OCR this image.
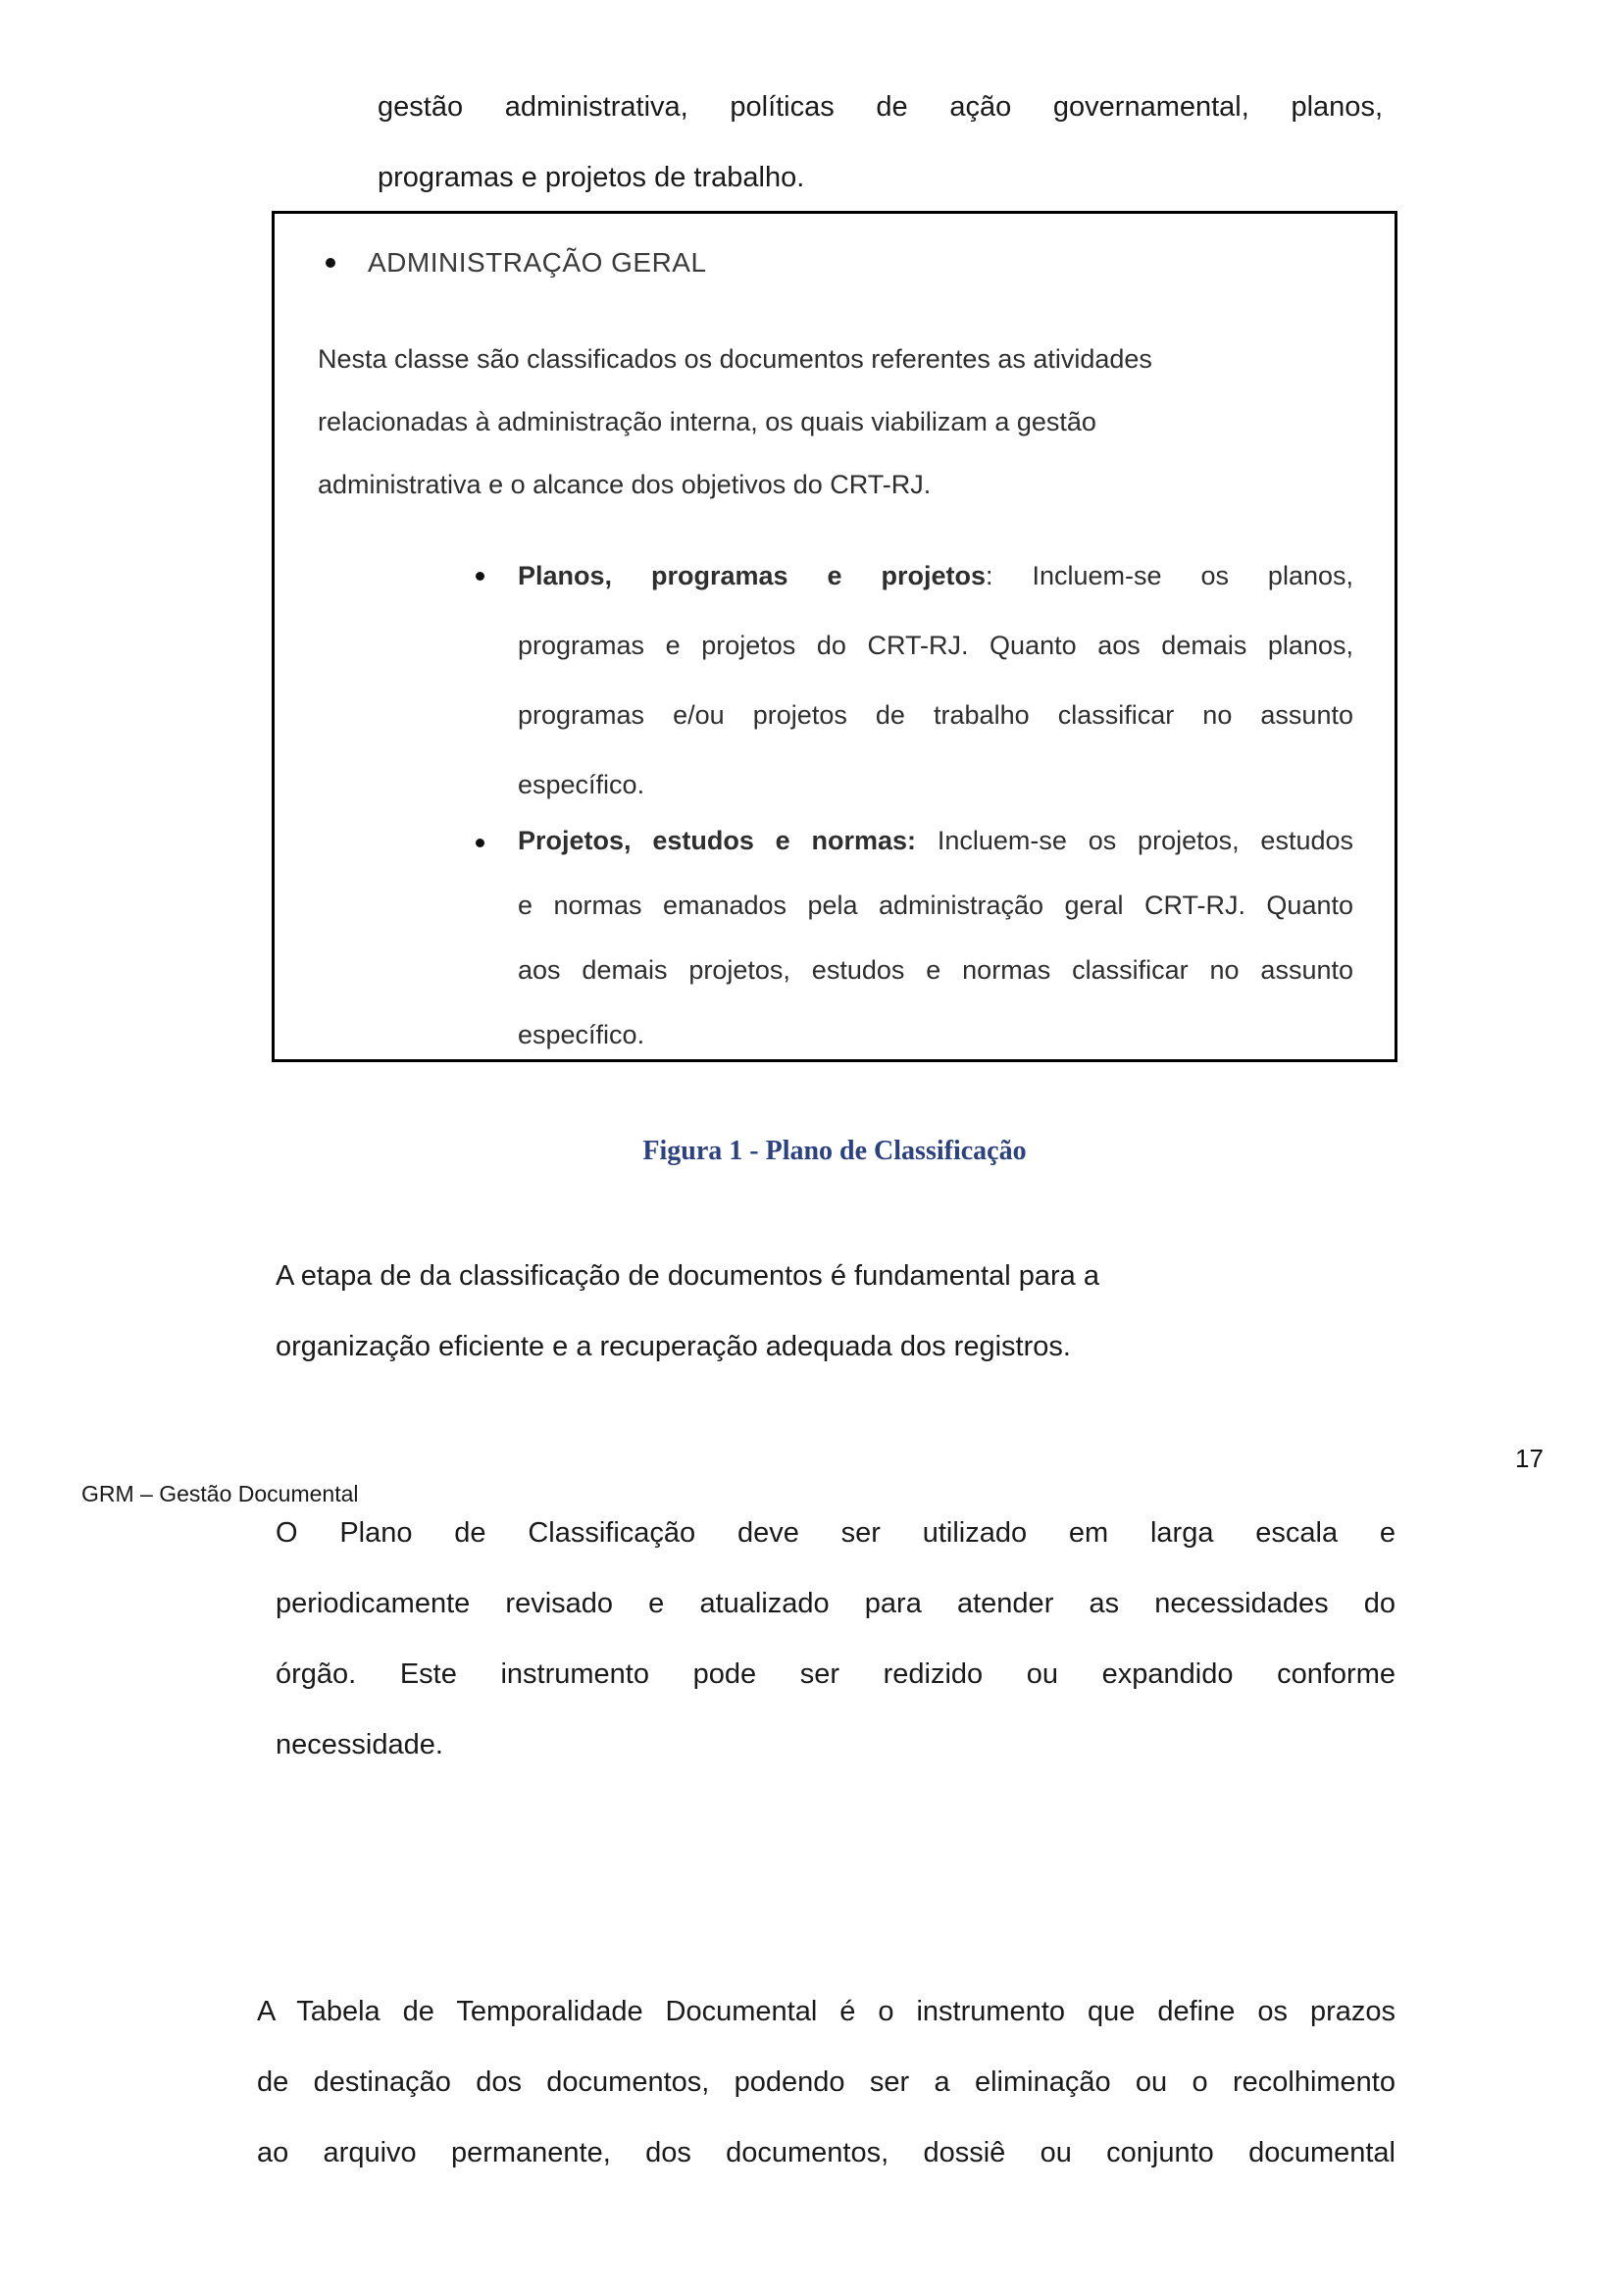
gestão administrativa, políticas de ação governamental, planos,
programas e projetos de trabalho.
ADMINISTRAÇÃO GERAL
Nesta classe são classificados os documentos referentes as atividades
relacionadas à administração interna, os quais viabilizam a gestão
administrativa e o alcance dos objetivos do CRT-RJ.
Planos, programas e projetos: Incluem-se os planos,
programas e projetos do CRT-RJ. Quanto aos demais planos,
programas e/ou projetos de trabalho classificar no assunto
específico.
Projetos, estudos e normas: Incluem-se os projetos, estudos
e normas emanados pela administração geral CRT-RJ. Quanto
aos demais projetos, estudos e normas classificar no assunto
específico.
Figura 1 - Plano de Classificação
A etapa de da classificação de documentos é fundamental para a
organização eficiente e a recuperação adequada dos registros.
17
GRM – Gestão Documental
O Plano de Classificação deve ser utilizado em larga escala e
periodicamente revisado e atualizado para atender as necessidades do
órgão. Este instrumento pode ser redizido ou expandido conforme
necessidade.
A Tabela de Temporalidade Documental é o instrumento que define os prazos
de destinação dos documentos, podendo ser a eliminação ou o recolhimento
ao arquivo permanente, dos documentos, dossiê ou conjunto documental
